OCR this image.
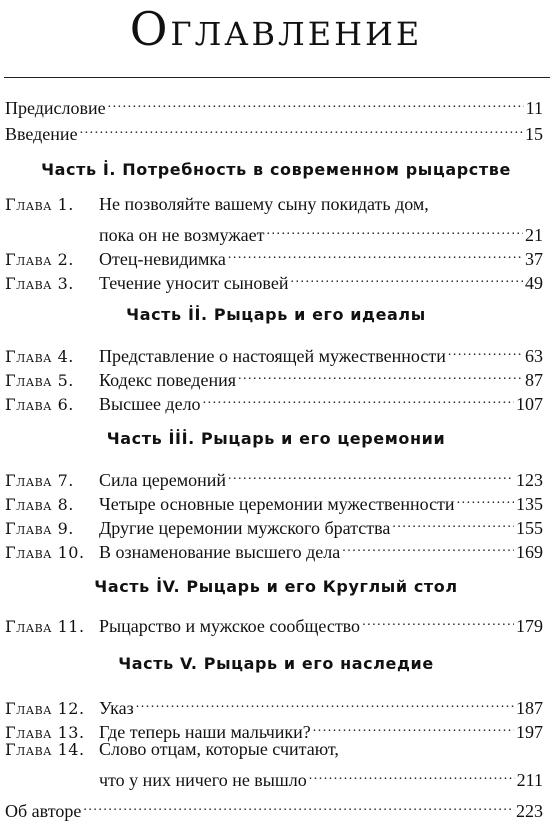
Оглавление
Предисловие . . .	11
Введение . . .	15
Часть İ. Потребность в современном рыцарстве
Глава 1.	Не позволяйте вашему сыну покидать дом,
пока он не возмужает . . .	21
Глава 2.	Отец-невидимка . . .	37
Глава 3.	Течение уносит сыновей . . .	49
Часть İİ. Рыцарь и его идеалы
Глава 4.	Представление о настоящей мужественности . . .	63
Глава 5.	Кодекс поведения . . .	87
Глава 6.	Высшее дело . . .	107
Часть İİİ. Рыцарь и его церемонии
Глава 7.	Сила церемоний . . .	123
Глава 8.	Четыре основные церемонии мужественности . . .	135
Глава 9.	Другие церемонии мужского братства . . .	155
Глава 10. В ознаменование высшего дела . . .	169
Часть İV. Рыцарь и его Круглый стол
Глава 11. Рыцарство и мужское сообщество . . .	179
Часть V. Рыцарь и его наследие
Глава 12. Указ . . .	187
Глава 13. Где теперь наши мальчики? . . .	197
Глава 14. Слово отцам, которые считают,
что у них ничего не вышло . . .	211
Об авторе . . .	223
